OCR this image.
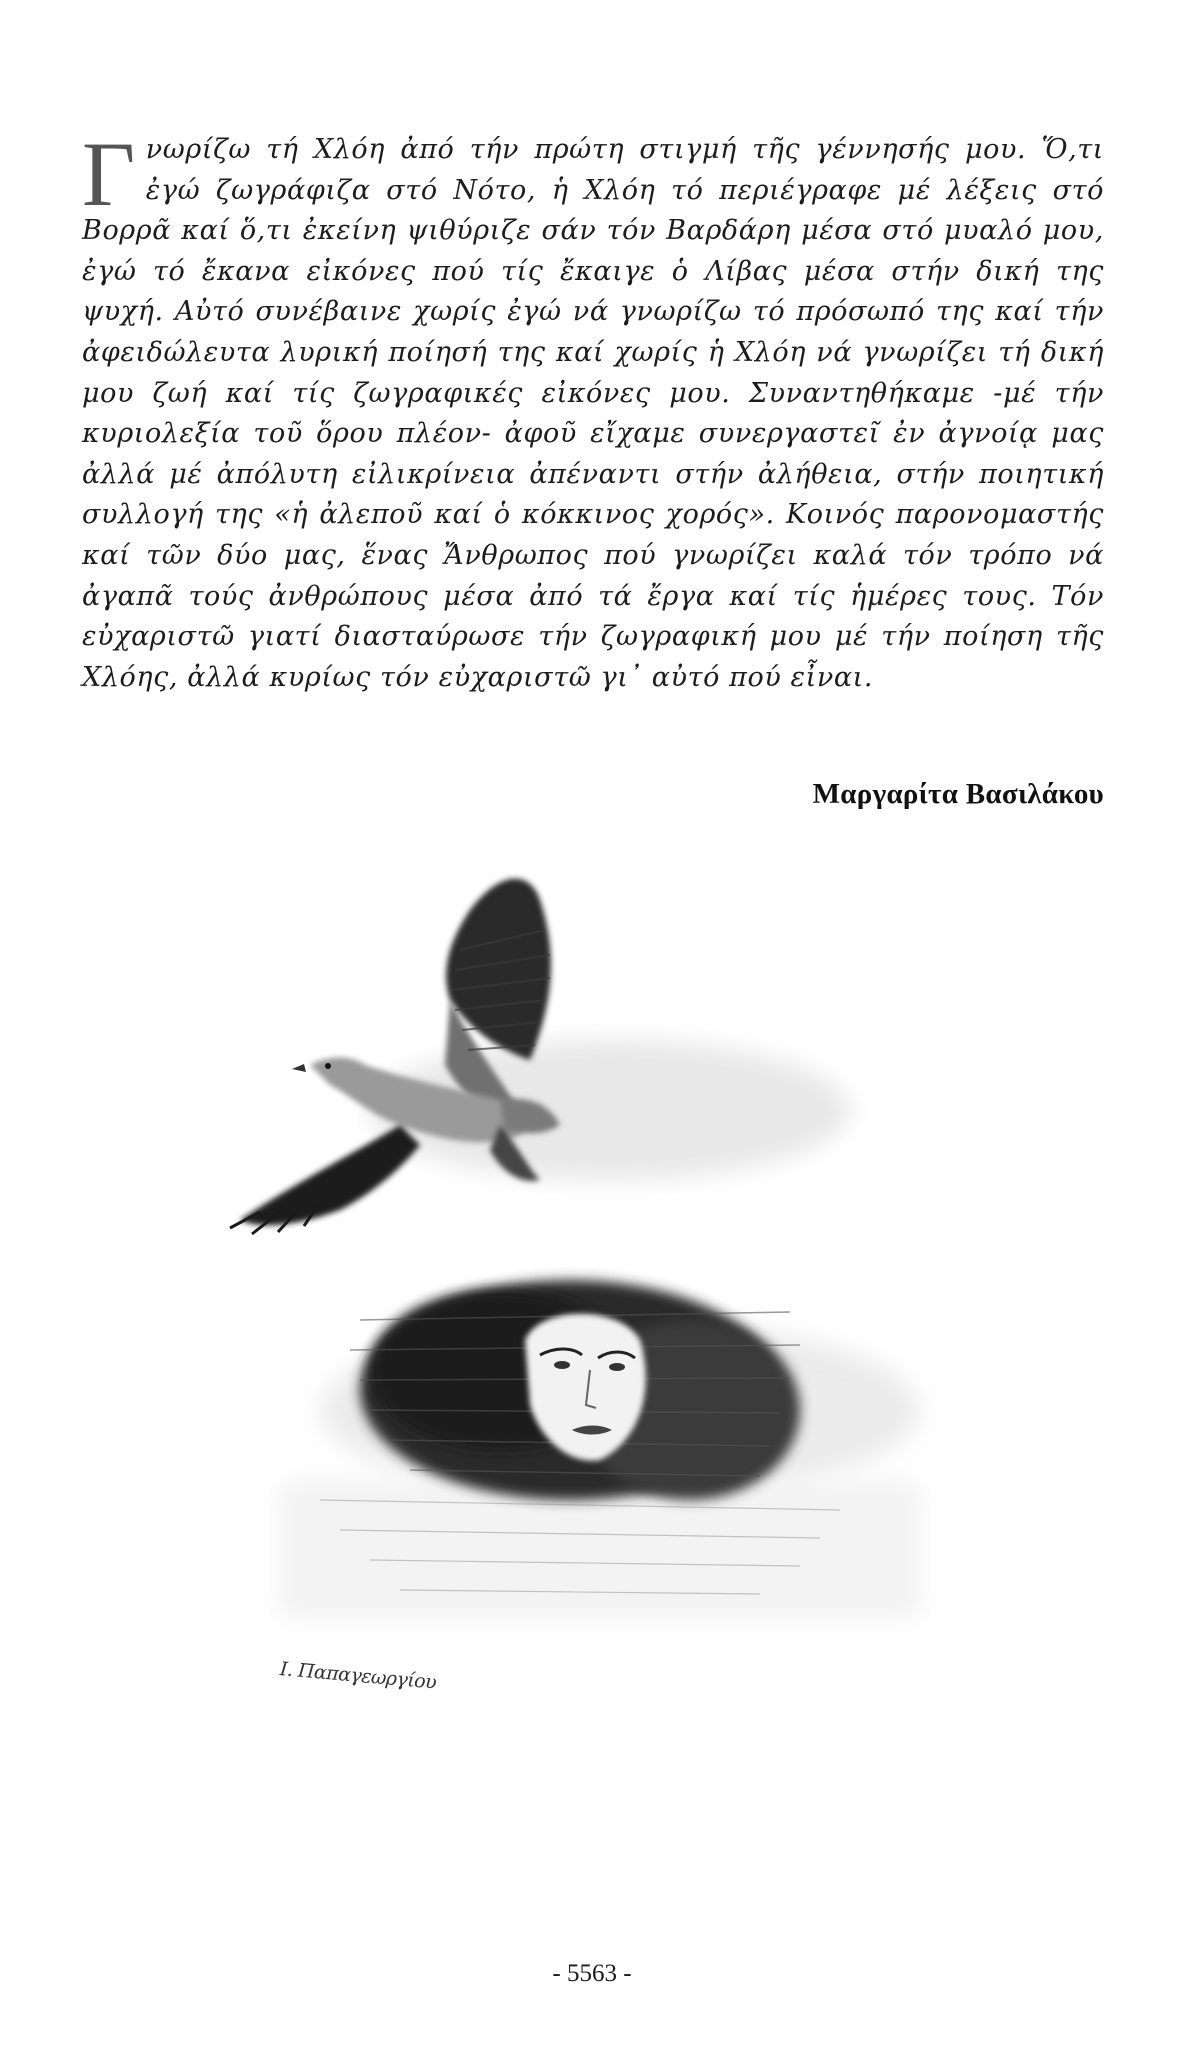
Γνωρίζω τή Χλόη ἀπό τήν πρώτη στιγμή τῆς γέννησής μου. Ὅ,τι ἐγώ ζωγράφιζα στό Νότο, ἡ Χλόη τό περιέγραφε μέ λέξεις στό Βορρᾶ καί ὅ,τι ἐκείνη ψιθύριζε σάν τόν Βαρδάρη μέσα στό μυαλό μου, ἐγώ τό ἔκανα εἰκόνες πού τίς ἔκαιγε ὁ Λίβας μέσα στήν δική της ψυχή. Αὐτό συνέβαινε χωρίς ἐγώ νά γνωρίζω τό πρόσωπό της καί τήν ἀφειδώλευτα λυρική ποίησή της καί χωρίς ἡ Χλόη νά γνωρίζει τή δική μου ζωή καί τίς ζωγραφικές εἰκόνες μου. Συναντηθήκαμε -μέ τήν κυριολεξία τοῦ ὅρου πλέον- ἀφοῦ εἴχαμε συνεργαστεῖ ἐν ἀγνοίᾳ μας ἀλλά μέ ἀπόλυτη εἰλικρίνεια ἀπέναντι στήν ἀλήθεια, στήν ποιητική συλλογή της «ἡ ἀλεποῦ καί ὁ κόκκινος χορός». Κοινός παρονομαστής καί τῶν δύο μας, ἕνας Ἄνθρωπος πού γνωρίζει καλά τόν τρόπο νά ἀγαπᾶ τούς ἀνθρώπους μέσα ἀπό τά ἔργα καί τίς ἡμέρες τους. Τόν εὐχαριστῶ γιατί διασταύρωσε τήν ζωγραφική μου μέ τήν ποίηση τῆς Χλόης, ἀλλά κυρίως τόν εὐχαριστῶ γι᾽ αὐτό πού εἶναι.
Μαργαρίτα Βασιλάκου
Ι. Παπαγεωργίου
- 5563 -
